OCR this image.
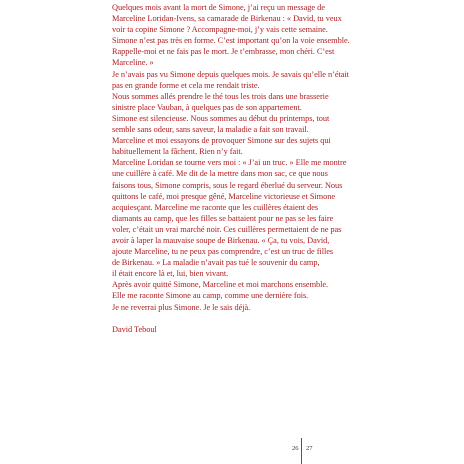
Quelques mois avant la mort de Simone, j’ai reçu un message de
Marceline Loridan-Ivens, sa camarade de Birkenau : « David, tu veux
voir ta copine Simone ? Accompagne-moi, j’y vais cette semaine.
Simone n’est pas très en forme. C’est important qu’on la voie ensemble.
Rappelle-moi et ne fais pas le mort. Je t’embrasse, mon chéri. C’est
Marceline. »
Je n’avais pas vu Simone depuis quelques mois. Je savais qu’elle n’était
pas en grande forme et cela me rendait triste.
Nous sommes allés prendre le thé tous les trois dans une brasserie
sinistre place Vauban, à quelques pas de son appartement.
Simone est silencieuse. Nous sommes au début du printemps, tout
semble sans odeur, sans saveur, la maladie a fait son travail.
Marceline et moi essayons de provoquer Simone sur des sujets qui
habituellement la fâchent. Rien n’y fait.
Marceline Loridan se tourne vers moi : « J’ai un truc. » Elle me montre
une cuillère à café. Me dit de la mettre dans mon sac, ce que nous
faisons tous, Simone compris, sous le regard éberlué du serveur. Nous
quittons le café, moi presque gêné, Marceline victorieuse et Simone
acquiesçant. Marceline me raconte que les cuillères étaient des
diamants au camp, que les filles se battaient pour ne pas se les faire
voler, c’était un vrai marché noir. Ces cuillères permettaient de ne pas
avoir à laper la mauvaise soupe de Birkenau. « Ça, tu vois, David,
ajoute Marceline, tu ne peux pas comprendre, c’est un truc de filles
de Birkenau. » La maladie n’avait pas tué le souvenir du camp,
il était encore là et, lui, bien vivant.
Après avoir quitté Simone, Marceline et moi marchons ensemble.
Elle me raconte Simone au camp, comme une dernière fois.
Je ne reverrai plus Simone. Je le sais déjà.

David Teboul

26 27
